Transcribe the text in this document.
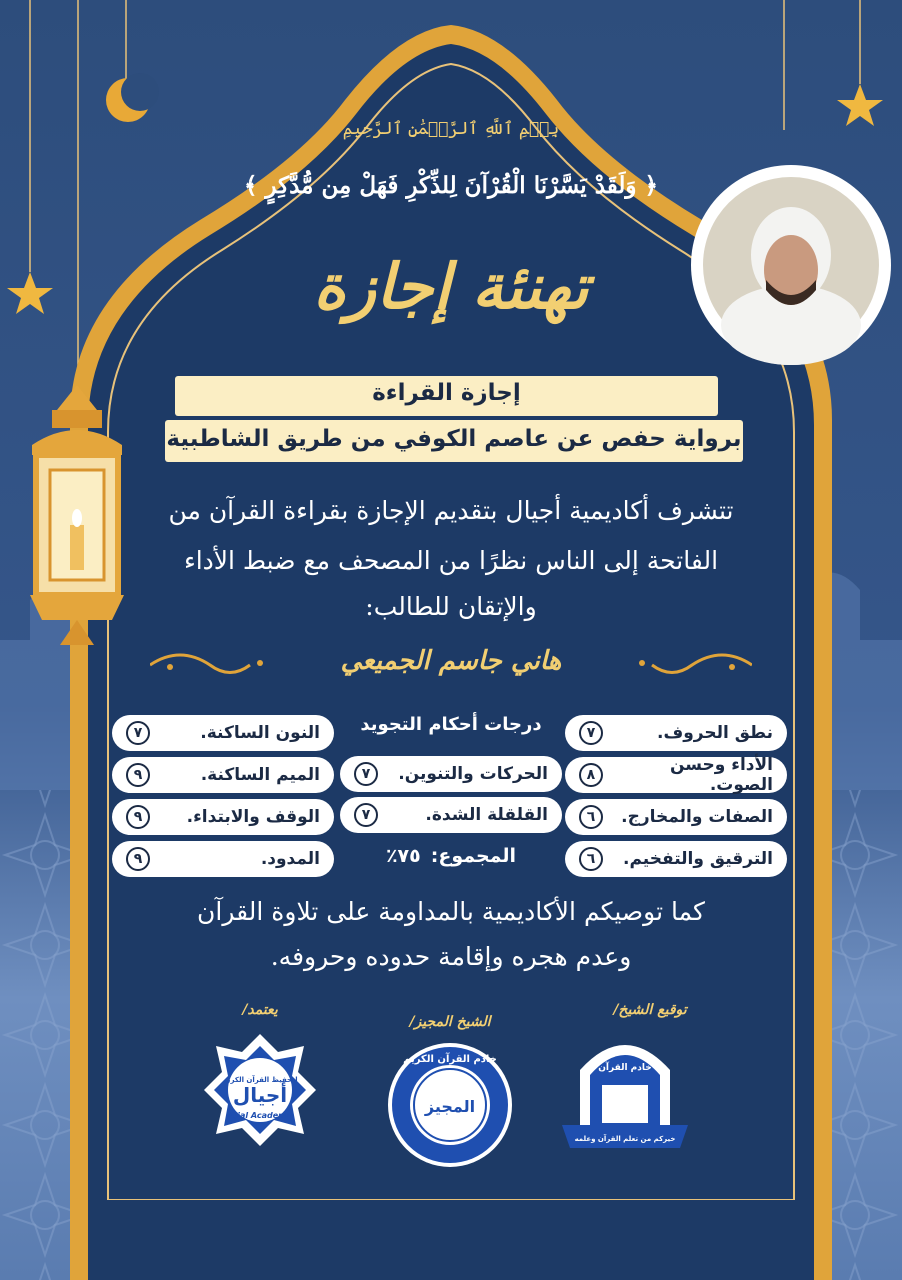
بِسۡمِ ٱللَّهِ ٱلرَّحۡمَٰنِ ٱلرَّحِيمِ
﴿ وَلَقَدْ يَسَّرْنَا الْقُرْآنَ لِلذِّكْرِ فَهَلْ مِن مُّدَّكِرٍ ﴾
تهنئة إجازة
إجازة القراءة
برواية حفص عن عاصم الكوفي من طريق الشاطبية
تتشرف أكاديمية أجيال بتقديم الإجازة بقراءة القرآن من
الفاتحة إلى الناس نظرًا من المصحف مع ضبط الأداء
والإتقان للطالب:
هاني جاسم الجميعي
درجات أحكام التجويد	نطق الحروف.
٧
الأداء وحسن الصوت.
٨
الصفات والمخارج.
٦
الترقيق والتفخيم.
٦
الحركات والتنوين.
٧
القلقلة الشدة.
٧
النون الساكنة.
٧
الميم الساكنة.
٩
الوقف والابتداء.
٩
المدود.
٩	المجموع:
٧٥٪
كما توصيكم الأكاديمية بالمداومة على تلاوة القرآن
وعدم هجره وإقامة حدوده وحروفه.
توقيع الشيخ/
الشيخ المجيز/
يعتمد/
لتحفيظ القرآن الكريم
أجيال
Ajial Academy
خادم القرآن الكريم
المجيز
خادم القرآن
خيركم من تعلم القرآن وعلمه
